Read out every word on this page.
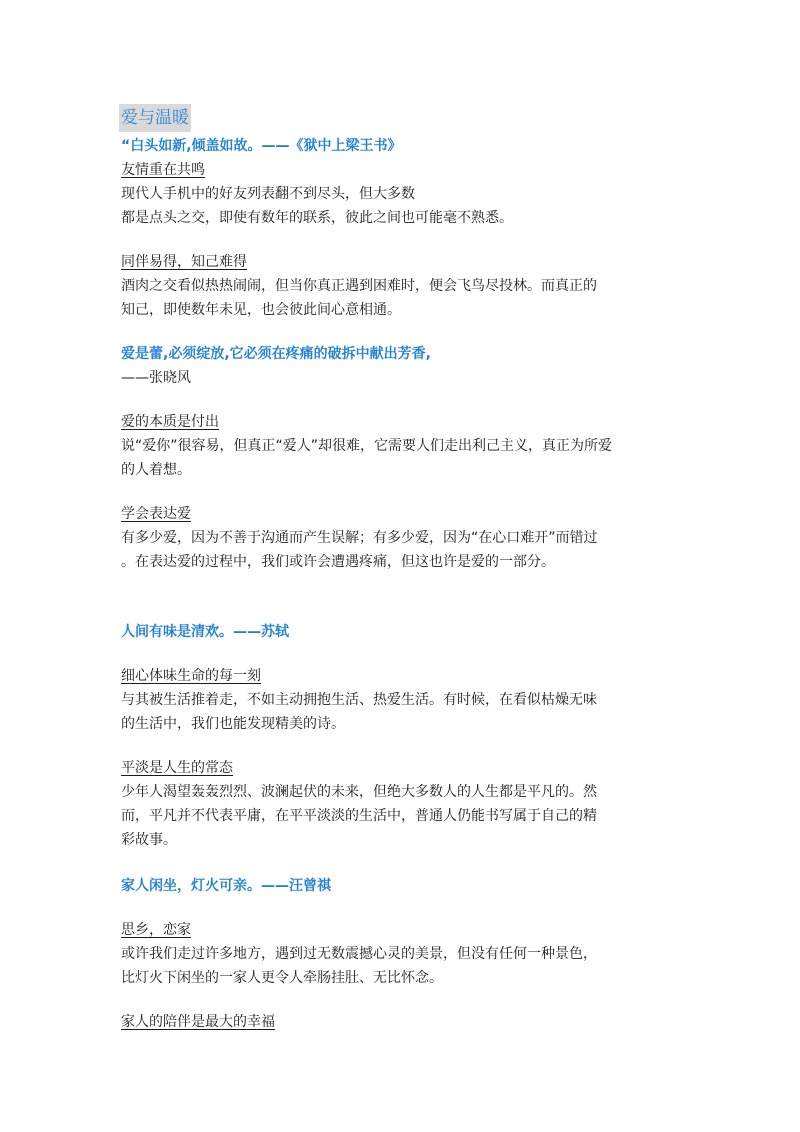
爱与温暖
“白头如新,倾盖如故。——《狱中上梁王书》
友情重在共鸣
现代人手机中的好友列表翻不到尽头，但大多数
都是点头之交，即使有数年的联系，彼此之间也可能毫不熟悉。
同伴易得，知己难得
酒肉之交看似热热闹闹，但当你真正遇到困难时，便会飞鸟尽投林。而真正的
知己，即使数年未见，也会彼此间心意相通。
爱是蕾,必须绽放,它必须在疼痛的破拆中献出芳香,
——张晓风
爱的本质是付出
说“爱你”很容易，但真正“爱人”却很难，它需要人们走出利己主义，真正为所爱
的人着想。
学会表达爱
有多少爱，因为不善于沟通而产生误解；有多少爱，因为“在心口难开”而错过
。在表达爱的过程中，我们或许会遭遇疼痛，但这也许是爱的一部分。
人间有味是清欢。——苏轼
细心体味生命的每一刻
与其被生活推着走，不如主动拥抱生活、热爱生活。有时候，在看似枯燥无味
的生活中，我们也能发现精美的诗。
平淡是人生的常态
少年人渴望轰轰烈烈、波澜起伏的未来，但绝大多数人的人生都是平凡的。然
而，平凡并不代表平庸，在平平淡淡的生活中，普通人仍能书写属于自己的精
彩故事。
家人闲坐，灯火可亲。——汪曾祺
思乡，恋家
或许我们走过许多地方，遇到过无数震撼心灵的美景，但没有任何一种景色，
比灯火下闲坐的一家人更令人牵肠挂肚、无比怀念。
家人的陪伴是最大的幸福
